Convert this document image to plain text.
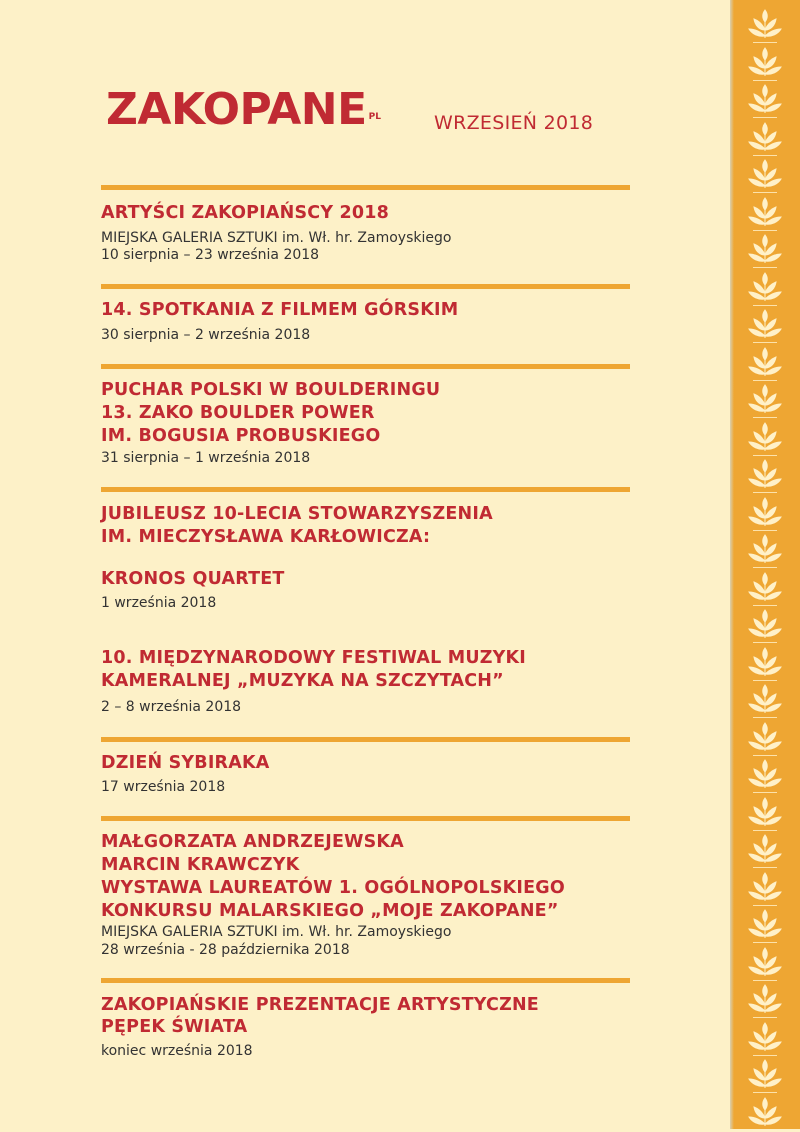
ZAKOPANE PL	WRZESIEŃ 2018
ARTYŚCI ZAKOPIAŃSCY 2018
MIEJSKA GALERIA SZTUKI im. Wł. hr. Zamoyskiego
10 sierpnia – 23 września 2018
14. SPOTKANIA Z FILMEM GÓRSKIM
30 sierpnia – 2 września 2018
PUCHAR POLSKI W BOULDERINGU
13. ZAKO BOULDER POWER
IM. BOGUSIA PROBUSKIEGO
31 sierpnia – 1 września 2018
JUBILEUSZ 10-LECIA STOWARZYSZENIA
IM. MIECZYSŁAWA KARŁOWICZA:
KRONOS QUARTET
1 września 2018
10. MIĘDZYNARODOWY FESTIWAL MUZYKI
KAMERALNEJ „MUZYKA NA SZCZYTACH”
2 – 8 września 2018
DZIEŃ SYBIRAKA
17 września 2018
MAŁGORZATA ANDRZEJEWSKA
MARCIN KRAWCZYK
WYSTAWA LAUREATÓW 1. OGÓLNOPOLSKIEGO
KONKURSU MALARSKIEGO „MOJE ZAKOPANE”
MIEJSKA GALERIA SZTUKI im. Wł. hr. Zamoyskiego
28 września - 28 października 2018
ZAKOPIAŃSKIE PREZENTACJE ARTYSTYCZNE
PĘPEK ŚWIATA
koniec września 2018
